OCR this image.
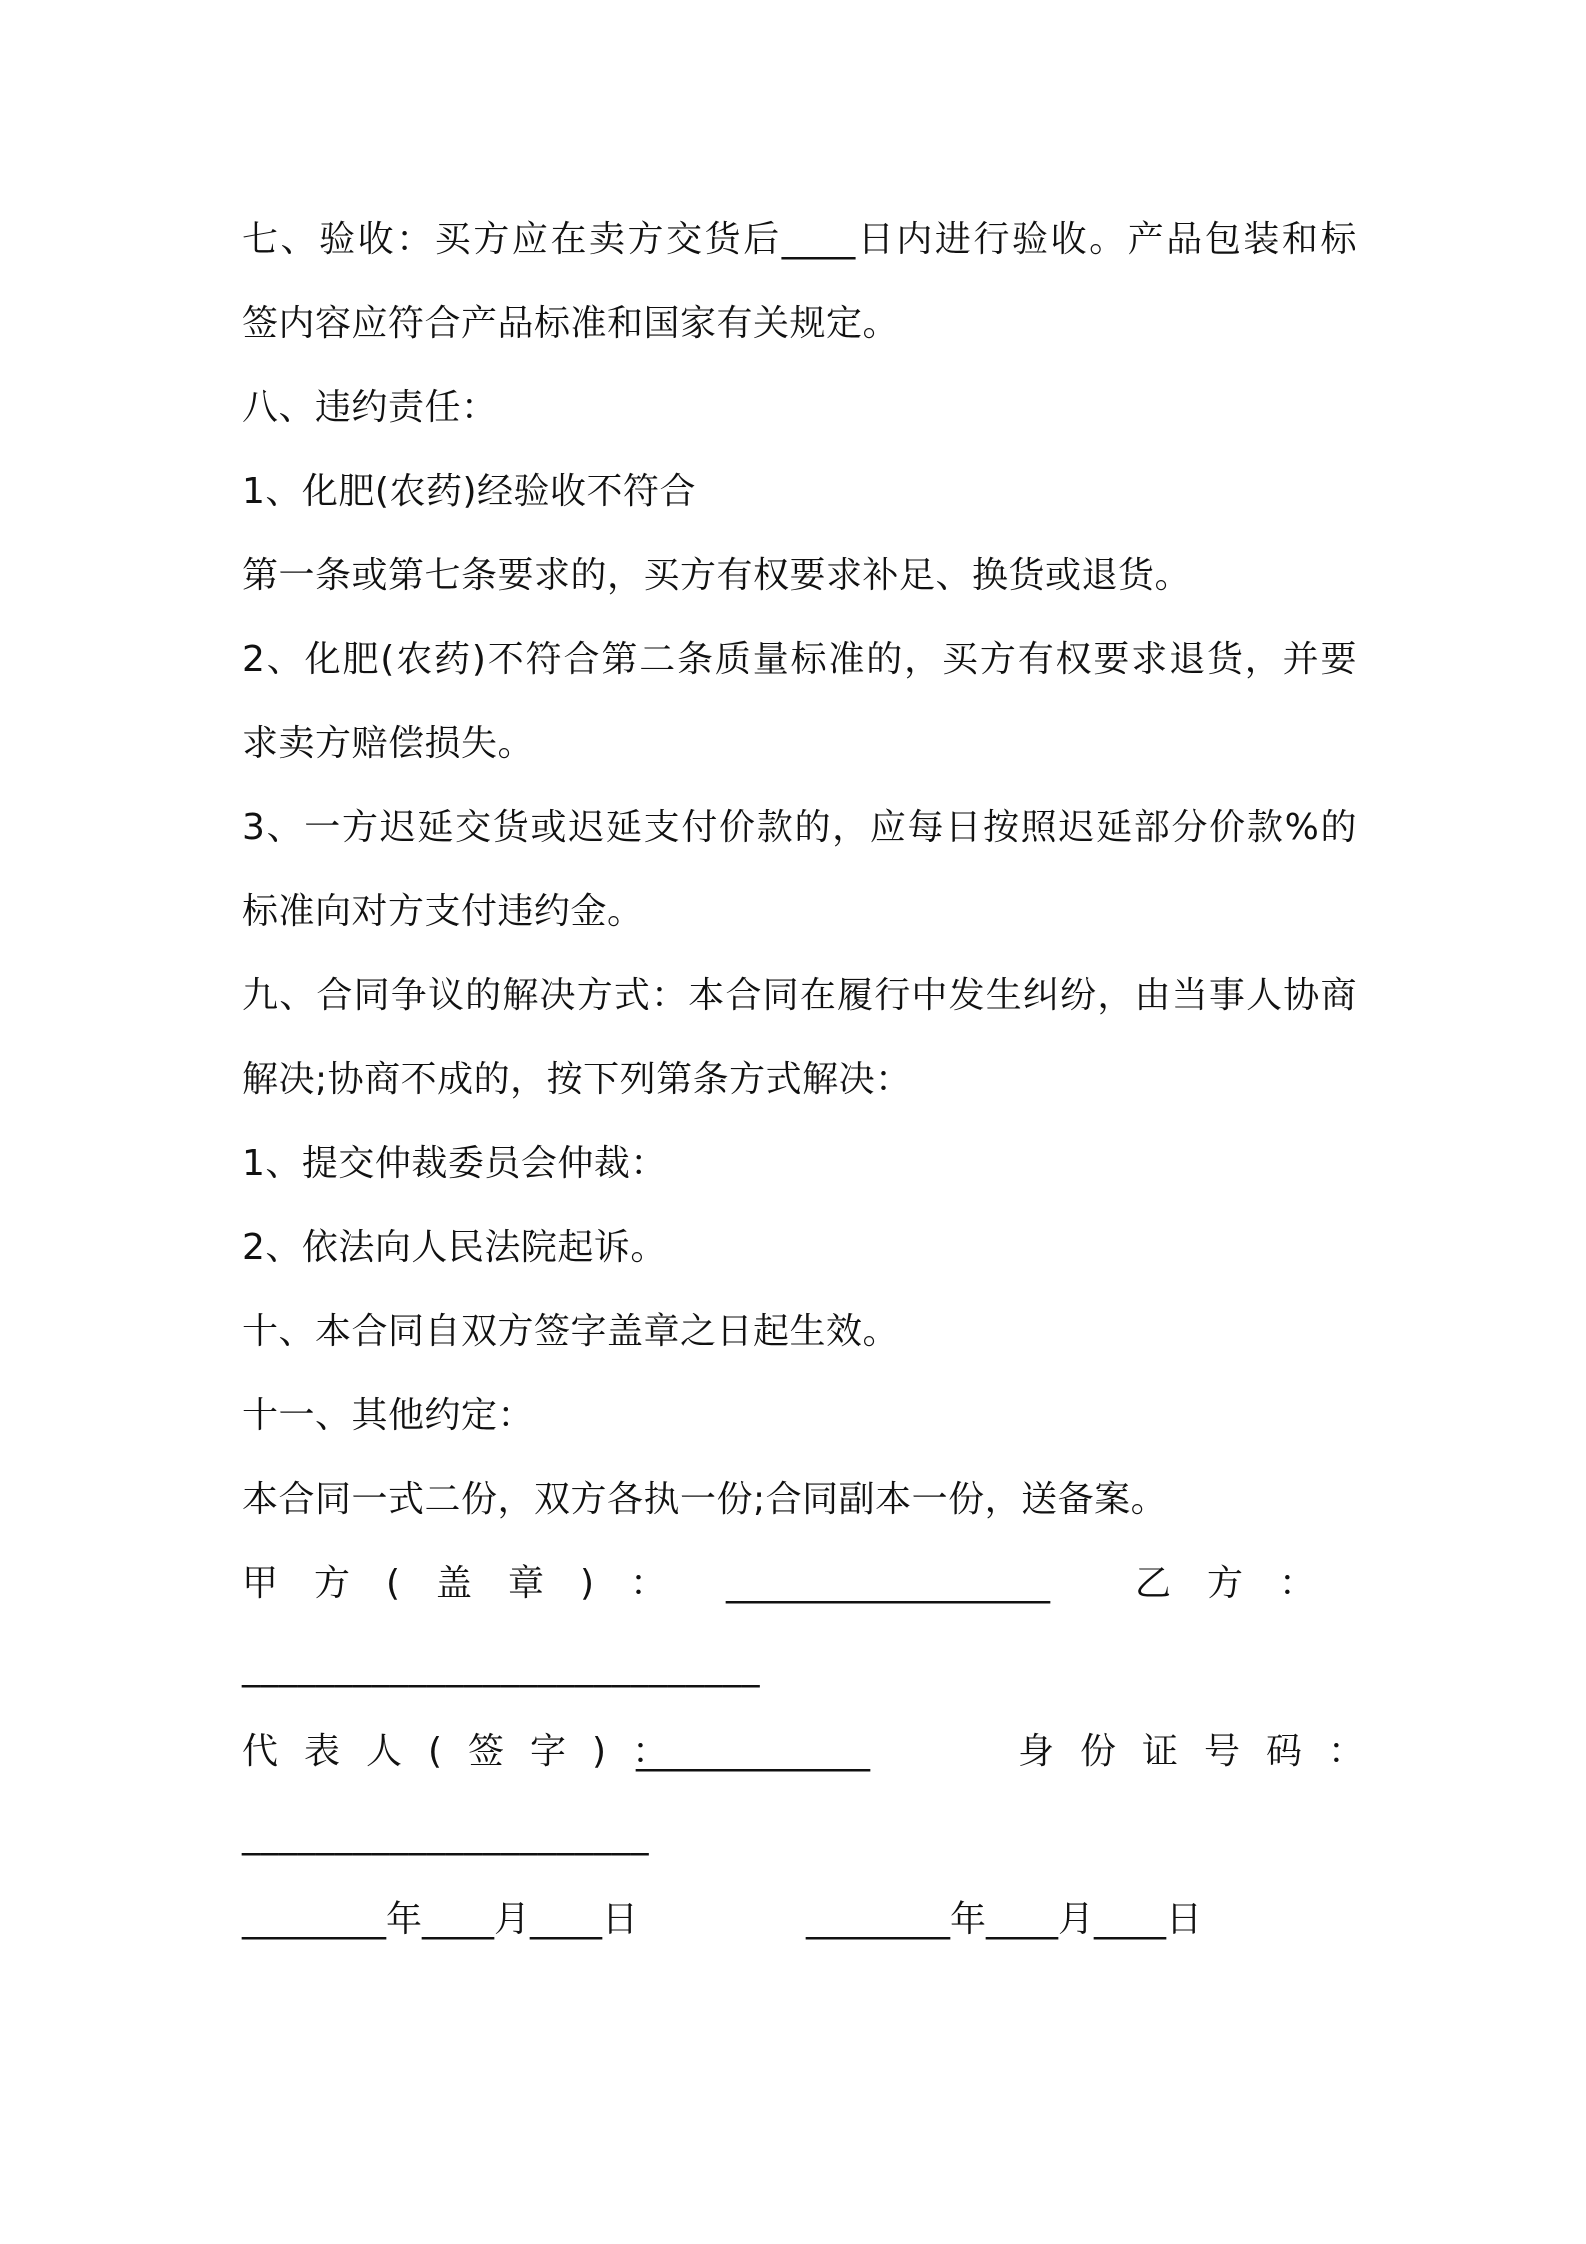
七、验收：买方应在卖方交货后____日内进行验收。产品包装和标
签内容应符合产品标准和国家有关规定。
八、违约责任：
1、化肥(农药)经验收不符合
第一条或第七条要求的，买方有权要求补足、换货或退货。
2、化肥(农药)不符合第二条质量标准的，买方有权要求退货，并要
求卖方赔偿损失。
3、一方迟延交货或迟延支付价款的，应每日按照迟延部分价款%的
标准向对方支付违约金。
九、合同争议的解决方式：本合同在履行中发生纠纷，由当事人协商
解决;协商不成的，按下列第条方式解决：
1、提交仲裁委员会仲裁：
2、依法向人民法院起诉。
十、本合同自双方签字盖章之日起生效。
十一、其他约定：
本合同一式二份，双方各执一份;合同副本一份，送备案。
甲方(盖章)： __________________ 乙方：
____________________________
代表人(签字)：
_____________	身份证号码：
______________________
________年____月____日	________年____月____日
